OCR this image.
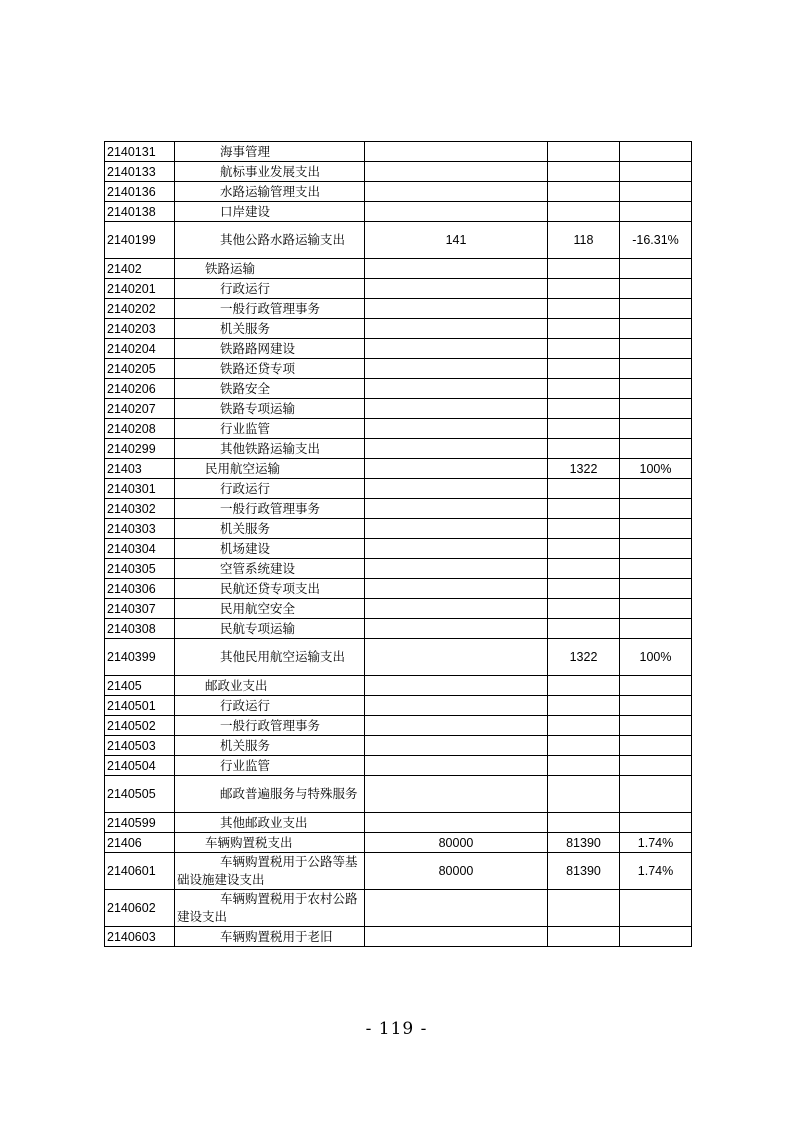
2140131	海事管理			
2140133	航标事业发展支出			
2140136	水路运输管理支出			
2140138	口岸建设			
2140199	其他公路水路运输支出	141	118	-16.31%
21402	铁路运输			
2140201	行政运行			
2140202	一般行政管理事务			
2140203	机关服务			
2140204	铁路路网建设			
2140205	铁路还贷专项			
2140206	铁路安全			
2140207	铁路专项运输			
2140208	行业监管			
2140299	其他铁路运输支出			
21403	民用航空运输		1322	100%
2140301	行政运行			
2140302	一般行政管理事务			
2140303	机关服务			
2140304	机场建设			
2140305	空管系统建设			
2140306	民航还贷专项支出			
2140307	民用航空安全			
2140308	民航专项运输			
2140399	其他民用航空运输支出		1322	100%
21405	邮政业支出			
2140501	行政运行			
2140502	一般行政管理事务			
2140503	机关服务			
2140504	行业监管			
2140505	邮政普遍服务与特殊服务			
2140599	其他邮政业支出			
21406	车辆购置税支出	80000	81390	1.74%
2140601	车辆购置税用于公路等基础设施建设支出	80000	81390	1.74%
2140602	车辆购置税用于农村公路建设支出			
2140603	车辆购置税用于老旧			
- 119 -
